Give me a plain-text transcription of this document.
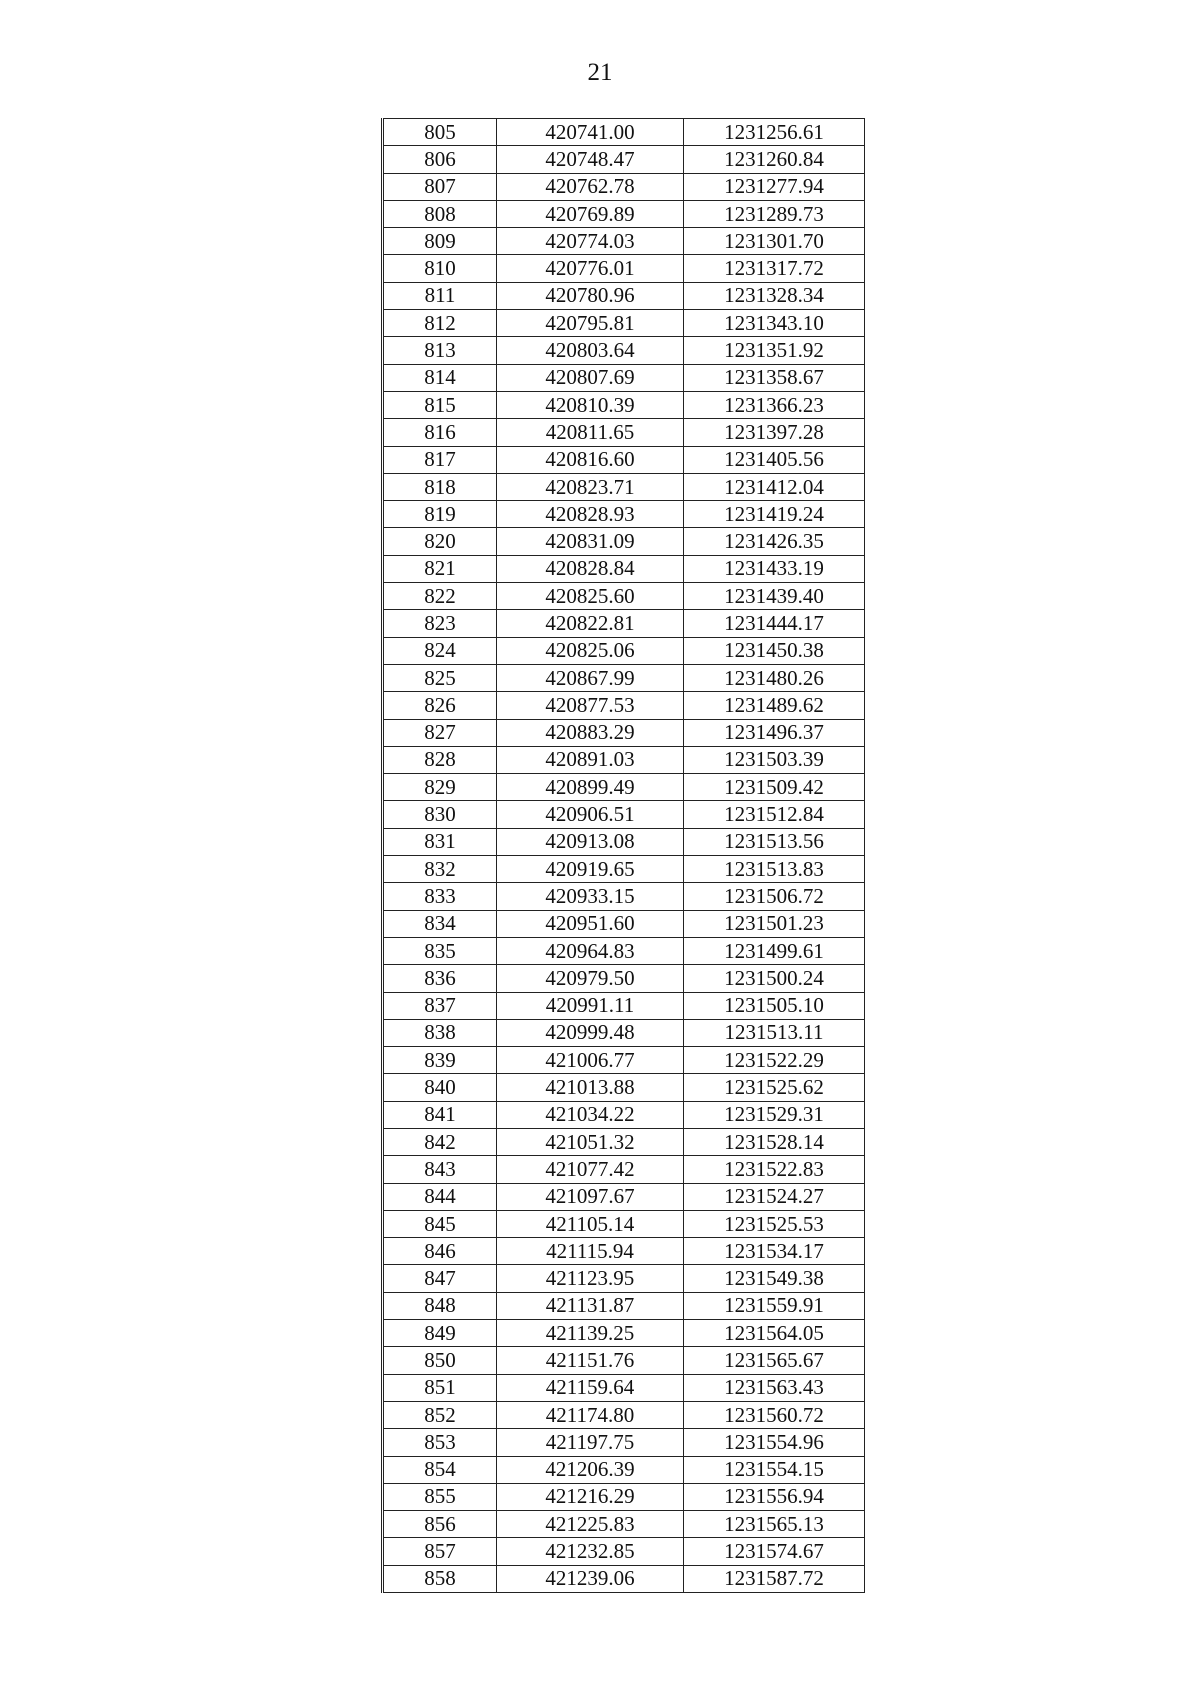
21
805	420741.00	1231256.61
806	420748.47	1231260.84
807	420762.78	1231277.94
808	420769.89	1231289.73
809	420774.03	1231301.70
810	420776.01	1231317.72
811	420780.96	1231328.34
812	420795.81	1231343.10
813	420803.64	1231351.92
814	420807.69	1231358.67
815	420810.39	1231366.23
816	420811.65	1231397.28
817	420816.60	1231405.56
818	420823.71	1231412.04
819	420828.93	1231419.24
820	420831.09	1231426.35
821	420828.84	1231433.19
822	420825.60	1231439.40
823	420822.81	1231444.17
824	420825.06	1231450.38
825	420867.99	1231480.26
826	420877.53	1231489.62
827	420883.29	1231496.37
828	420891.03	1231503.39
829	420899.49	1231509.42
830	420906.51	1231512.84
831	420913.08	1231513.56
832	420919.65	1231513.83
833	420933.15	1231506.72
834	420951.60	1231501.23
835	420964.83	1231499.61
836	420979.50	1231500.24
837	420991.11	1231505.10
838	420999.48	1231513.11
839	421006.77	1231522.29
840	421013.88	1231525.62
841	421034.22	1231529.31
842	421051.32	1231528.14
843	421077.42	1231522.83
844	421097.67	1231524.27
845	421105.14	1231525.53
846	421115.94	1231534.17
847	421123.95	1231549.38
848	421131.87	1231559.91
849	421139.25	1231564.05
850	421151.76	1231565.67
851	421159.64	1231563.43
852	421174.80	1231560.72
853	421197.75	1231554.96
854	421206.39	1231554.15
855	421216.29	1231556.94
856	421225.83	1231565.13
857	421232.85	1231574.67
858	421239.06	1231587.72
